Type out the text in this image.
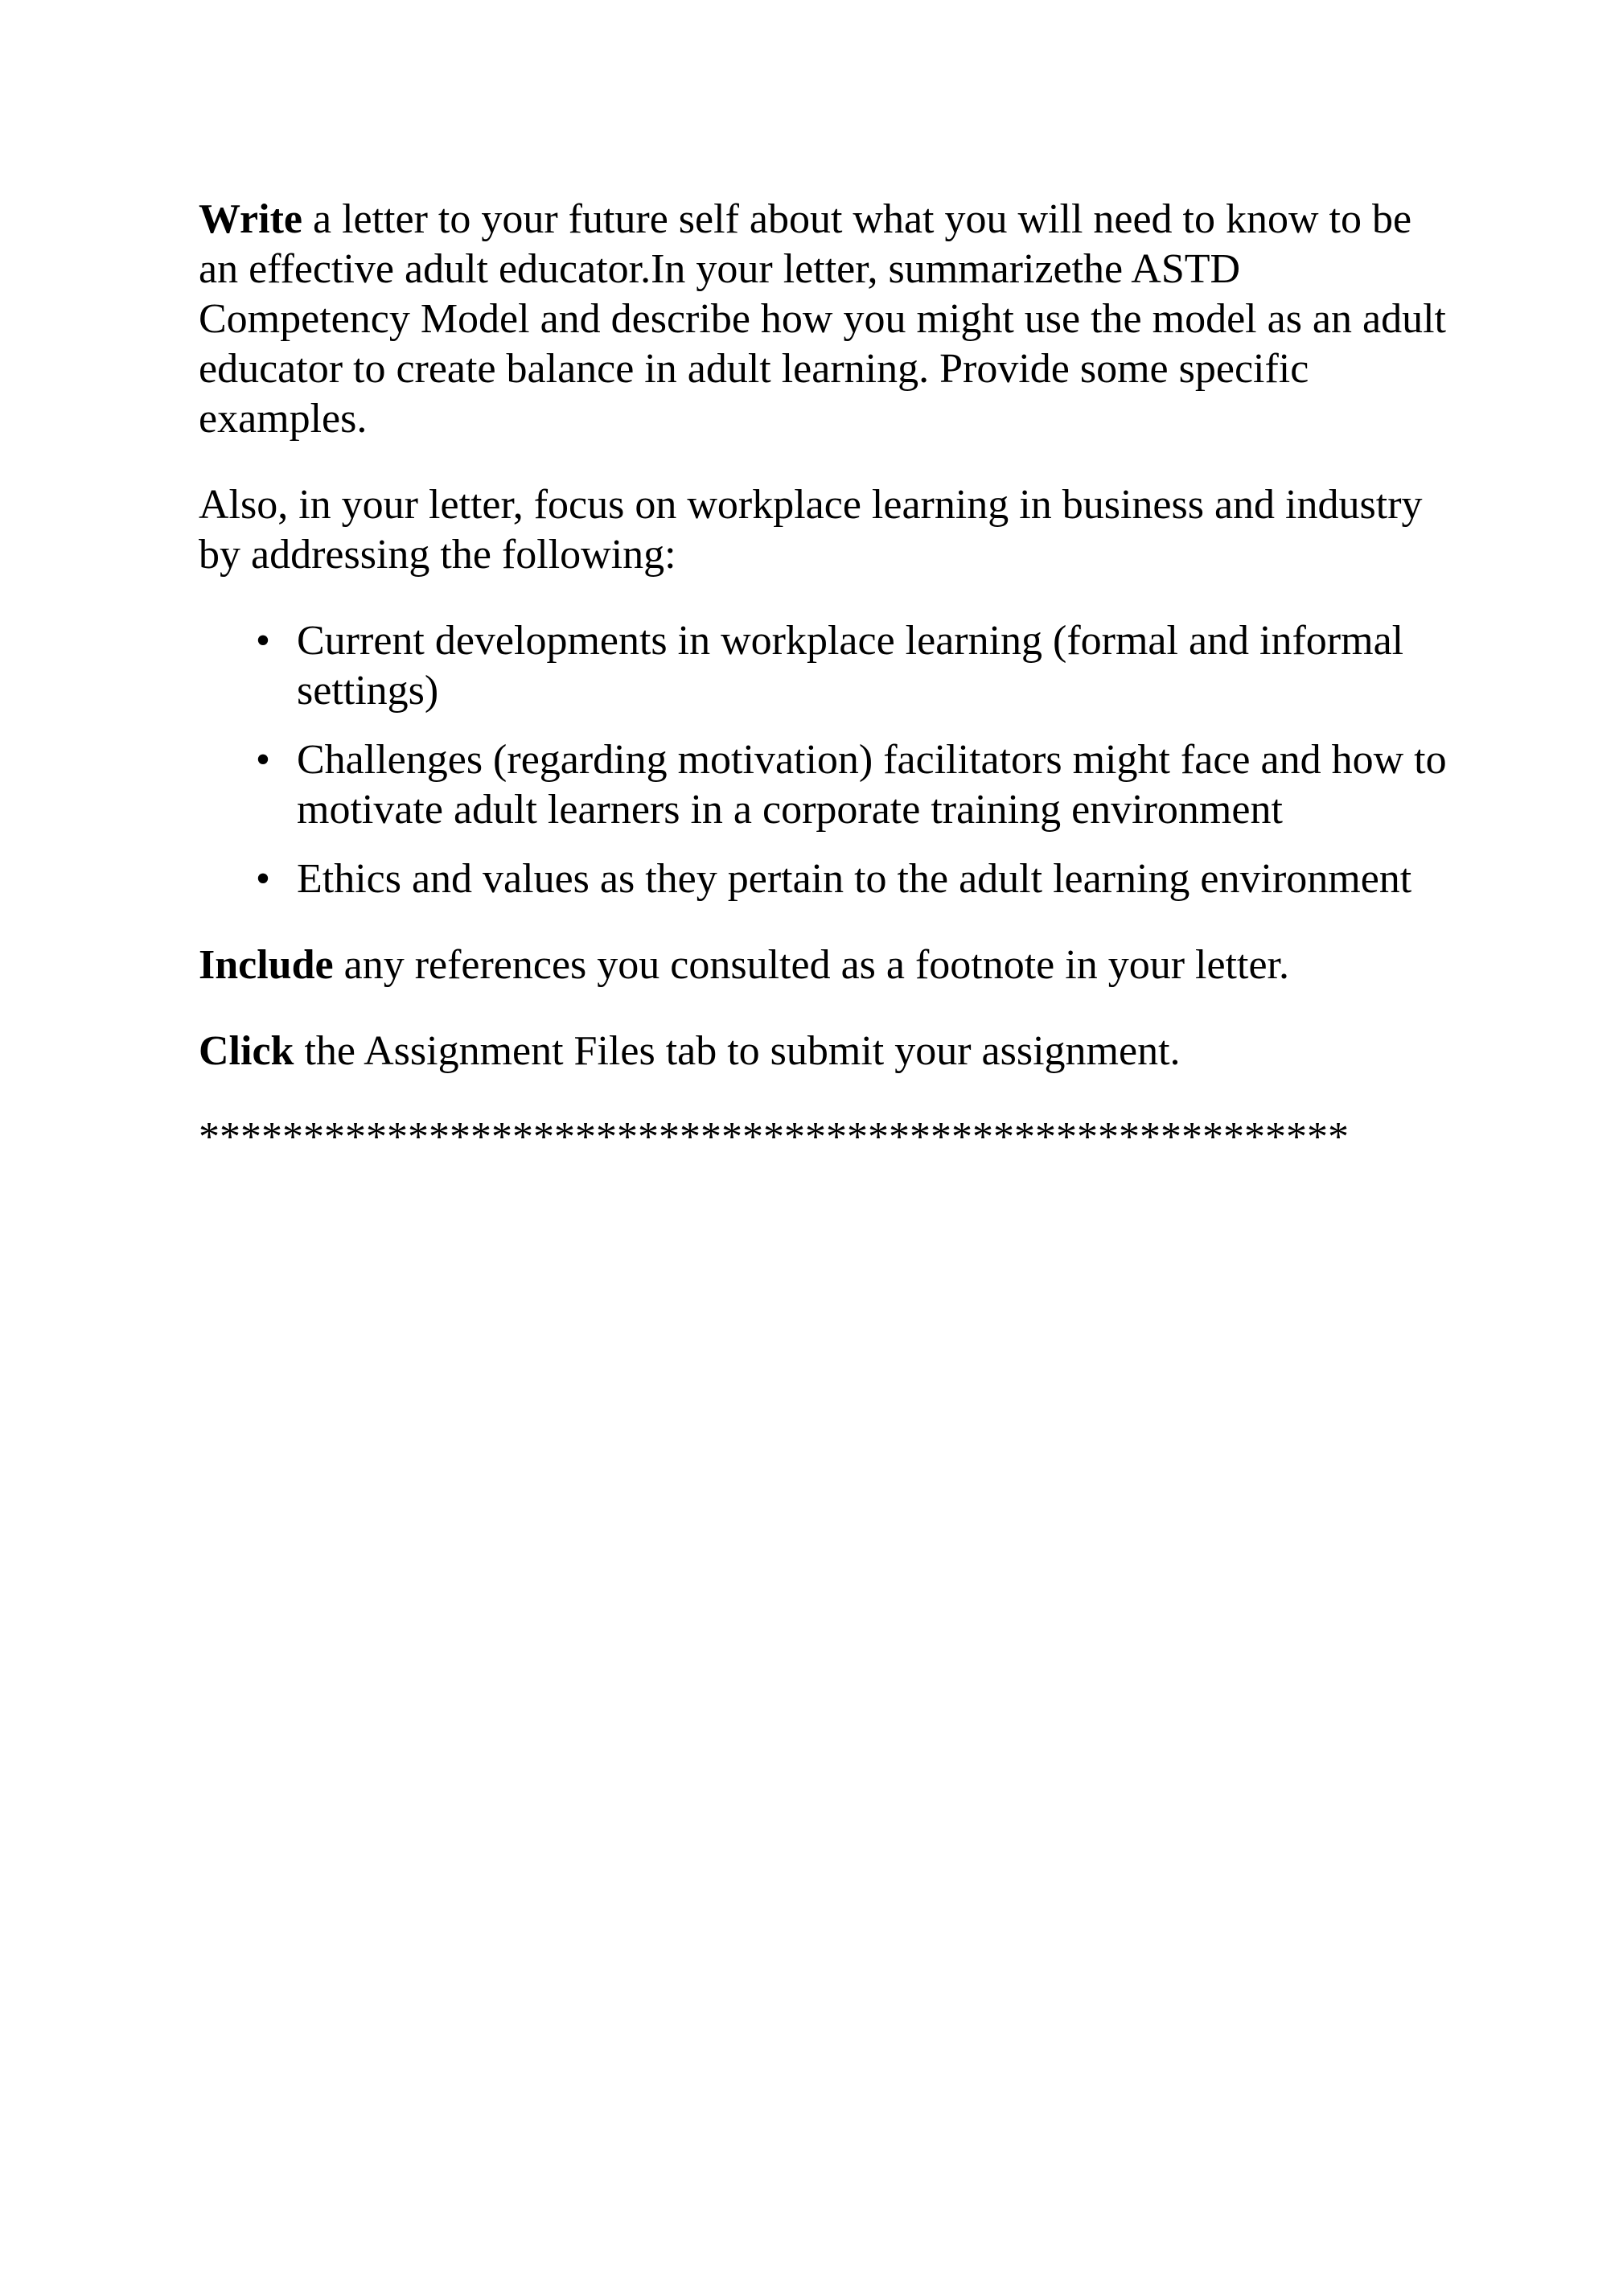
Write a letter to your future self about what you will need to know to be an effective adult educator.In your letter, summarizethe ASTD Competency Model and describe how you might use the model as an adult educator to create balance in adult learning. Provide some specific examples.

Also, in your letter, focus on workplace learning in business and industry by addressing the following:

• Current developments in workplace learning (formal and informal settings)
• Challenges (regarding motivation) facilitators might face and how to motivate adult learners in a corporate training environment
• Ethics and values as they pertain to the adult learning environment

Include any references you consulted as a footnote in your letter.

Click the Assignment Files tab to submit your assignment.

*******************************************************
